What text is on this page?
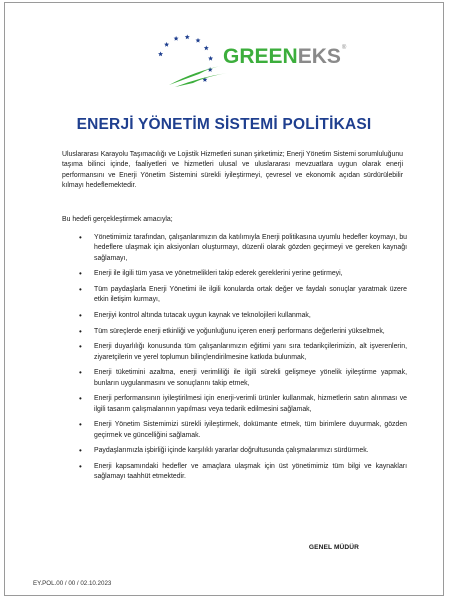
GREEN EKS ®
ENERJİ YÖNETİM SİSTEMİ POLİTİKASI
Uluslararası Karayolu Taşımacılığı ve Lojistik Hizmetleri sunan şirketimiz; Enerji Yönetim Sistemi sorumluluğunu taşıma bilinci içinde, faaliyetleri ve hizmetleri ulusal ve uluslararası mevzuatlara uygun olarak enerji performansını ve Enerji Yönetim Sistemini sürekli iyileştirmeyi, çevresel ve ekonomik açıdan sürdürülebilir kılmayı hedeflemektedir.
Bu hedefi gerçekleştirmek amacıyla;
• Yönetimimiz tarafından, çalışanlarımızın da katılımıyla Enerji politikasına uyumlu hedefler koymayı, bu hedeflere ulaşmak için aksiyonları oluşturmayı, düzenli olarak gözden geçirmeyi ve gereken kaynağı sağlamayı,
• Enerji ile ilgili tüm yasa ve yönetmelikleri takip ederek gereklerini yerine getirmeyi,
• Tüm paydaşlarla Enerji Yönetimi ile ilgili konularda ortak değer ve faydalı sonuçlar yaratmak üzere etkin iletişim kurmayı,
• Enerjiyi kontrol altında tutacak uygun kaynak ve teknolojileri kullanmak,
• Tüm süreçlerde enerji etkinliği ve yoğunluğunu içeren enerji performans değerlerini yükseltmek,
• Enerji duyarlılığı konusunda tüm çalışanlarımızın eğitimi yanı sıra tedarikçilerimizin, alt işverenlerin, ziyaretçilerin ve yerel toplumun bilinçlendirilmesine katkıda bulunmak,
• Enerji tüketimini azaltma, enerji verimliliği ile ilgili sürekli gelişmeye yönelik iyileştirme yapmak, bunların uygulanmasını ve sonuçlarını takip etmek,
• Enerji performansının iyileştirilmesi için enerji-verimli ürünler kullanmak, hizmetlerin satın alınması ve ilgili tasarım çalışmalarının yapılması veya tedarik edilmesini sağlamak,
• Enerji Yönetim Sistemimizi sürekli iyileştirmek, dokümante etmek, tüm birimlere duyurmak, gözden geçirmek ve güncelliğini sağlamak.
• Paydaşlarımızla işbirliği içinde karşılıklı yararlar doğrultusunda çalışmalarımızı sürdürmek.
• Enerji kapsamındaki hedefler ve amaçlara ulaşmak için üst yönetimimiz tüm bilgi ve kaynakları sağlamayı taahhüt etmektedir.
GENEL MÜDÜR
EY.POL.00 / 00 / 02.10.2023
